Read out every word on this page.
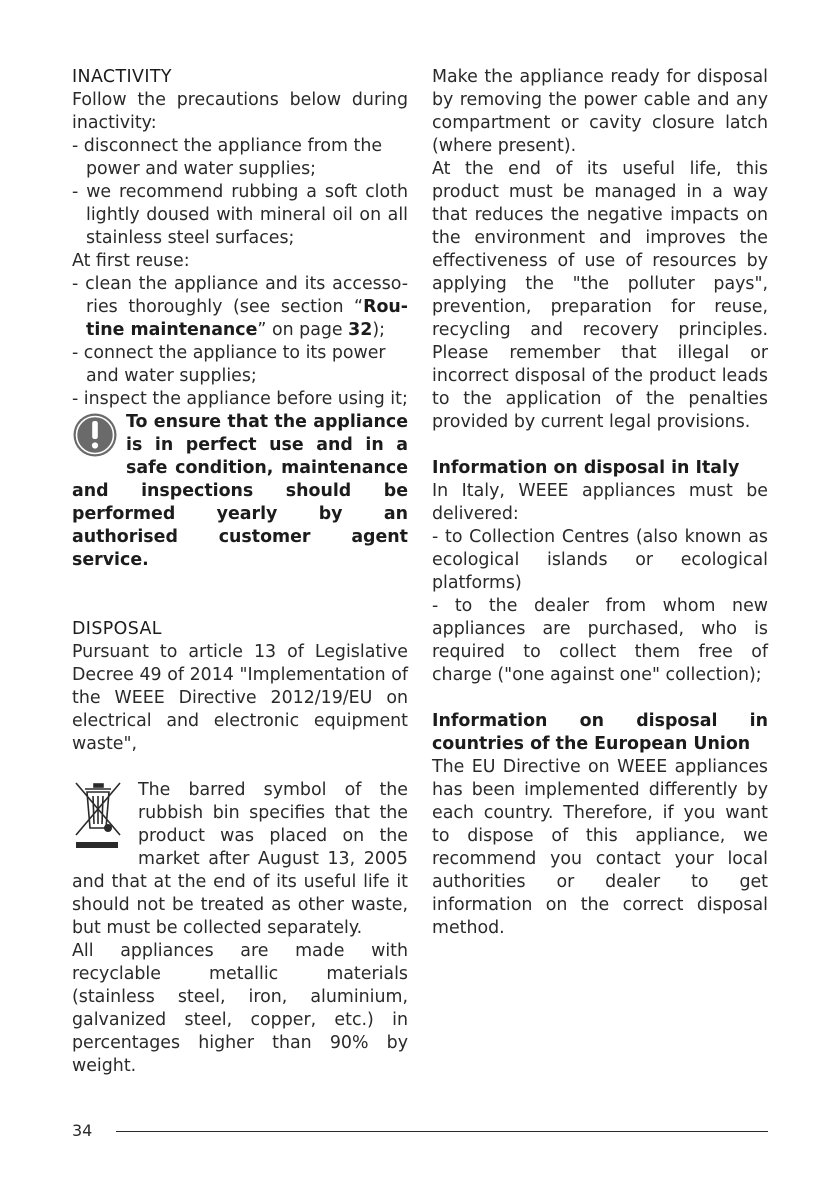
INACTIVITY

Follow the precautions below during inactivity:

- disconnect the appliance from the power and water supplies;

- we recommend rubbing a soft cloth lightly doused with mineral oil on all stainless steel surfaces;

At first reuse:

- clean the appliance and its accesso-ries thoroughly (see section “Rou-tine maintenance” on page 32);

- connect the appliance to its power and water supplies;

- inspect the appliance before using it;

To ensure that the appliance is in perfect use and in a safe condition, maintenance and inspections should be performed yearly by an authorised customer agent service.

DISPOSAL

Pursuant to article 13 of Legislative Decree 49 of 2014 "Implementation of the WEEE Directive 2012/19/EU on electrical and electronic equipment waste",

The barred symbol of the rubbish bin specifies that the product was placed on the market after August 13, 2005 and that at the end of its useful life it should not be treated as other waste, but must be collected separately.

All appliances are made with recyclable metallic materials (stainless steel, iron, aluminium, galvanized steel, copper, etc.) in percentages higher than 90% by weight.

Make the appliance ready for disposal by removing the power cable and any compartment or cavity closure latch (where present).

At the end of its useful life, this product must be managed in a way that reduces the negative impacts on the environment and improves the effectiveness of use of resources by applying the "the polluter pays", prevention, preparation for reuse, recycling and recovery principles. Please remember that illegal or incorrect disposal of the product leads to the application of the penalties provided by current legal provisions.

Information on disposal in Italy

In Italy, WEEE appliances must be delivered:

- to Collection Centres (also known as ecological islands or ecological platforms)

- to the dealer from whom new appliances are purchased, who is required to collect them free of charge ("one against one" collection);

Information on disposal in countries of the European Union

The EU Directive on WEEE appliances has been implemented differently by each country. Therefore, if you want to dispose of this appliance, we recommend you contact your local authorities or dealer to get information on the correct disposal method.

34
